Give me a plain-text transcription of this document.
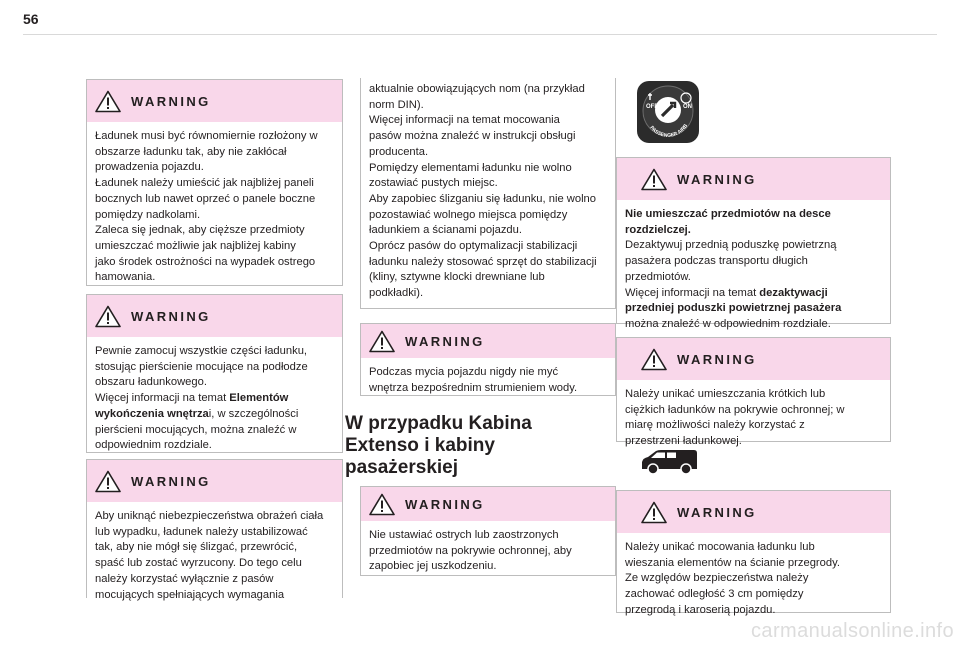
56
WARNING

Ładunek musi być równomiernie rozłożony w

obszarze ładunku tak, aby nie zakłócał

prowadzenia pojazdu.

Ładunek należy umieścić jak najbliżej paneli

bocznych lub nawet oprzeć o panele boczne

pomiędzy nadkolami.

Zaleca się jednak, aby cięższe przedmioty

umieszczać możliwie jak najbliżej kabiny

jako środek ostrożności na wypadek ostrego

hamowania.

WARNING

Pewnie zamocuj wszystkie części ładunku,

stosując pierścienie mocujące na podłodze

obszaru ładunkowego.

Więcej informacji na temat Elementów

wykończenia wnętrzai, w szczególności

pierścieni mocujących, można znaleźć w

odpowiednim rozdziale.

WARNING

Aby uniknąć niebezpieczeństwa obrażeń ciała

lub wypadku, ładunek należy ustabilizować

tak, aby nie mógł się ślizgać, przewrócić,

spaść lub zostać wyrzucony. Do tego celu

należy korzystać wyłącznie z pasów

mocujących spełniających wymagania

aktualnie obowiązujących nom (na przykład

norm DIN).

Więcej informacji na temat mocowania

pasów można znaleźć w instrukcji obsługi

producenta.

Pomiędzy elementami ładunku nie wolno

zostawiać pustych miejsc.

Aby zapobiec ślizganiu się ładunku, nie wolno

pozostawiać wolnego miejsca pomiędzy

ładunkiem a ścianami pojazdu.

Oprócz pasów do optymalizacji stabilizacji

ładunku należy stosować sprzęt do stabilizacji

(kliny, sztywne klocki drewniane lub

podkładki).

WARNING

Podczas mycia pojazdu nigdy nie myć

wnętrza bezpośrednim strumieniem wody.

W przypadku Kabina
Extenso i kabiny
pasażerskiej
WARNING

Nie ustawiać ostrych lub zaostrzonych

przedmiotów na pokrywie ochronnej, aby

zapobiec jej uszkodzeniu.

OFF	ON
PASSENGER AIRB
WARNING

Nie umieszczać przedmiotów na desce

rozdzielczej.

Dezaktywuj przednią poduszkę powietrzną

pasażera podczas transportu długich

przedmiotów.

Więcej informacji na temat dezaktywacji

przedniej poduszki powietrznej pasażera

można znaleźć w odpowiednim rozdziale.

WARNING

Należy unikać umieszczania krótkich lub

ciężkich ładunków na pokrywie ochronnej; w

miarę możliwości należy korzystać z

przestrzeni ładunkowej.

WARNING

Należy unikać mocowania ładunku lub

wieszania elementów na ścianie przegrody.

Ze względów bezpieczeństwa należy

zachować odległość 3 cm pomiędzy

przegrodą i karoserią pojazdu.

carmanualsonline.info
